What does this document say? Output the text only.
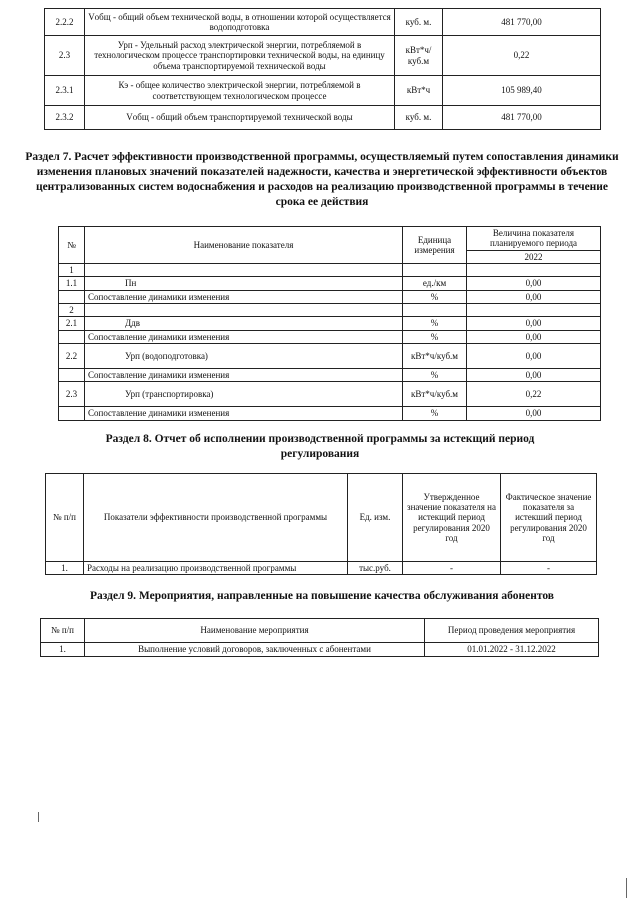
2.2.2	Vобщ - общий объем технической воды, в отношении которой осуществляется водоподготовка	куб. м.	481 770,00
2.3	Урп - Удельный расход электрической энергии, потребляемой в технологическом процессе транспортировки технической воды, на единицу объема транспортируемой технической воды	кВт*ч/куб.м	0,22
2.3.1	Кэ - общее количество электрической энергии, потребляемой в соответствующем технологическом процессе	кВт*ч	105 989,40
2.3.2	Vобщ - общий объем транспортируемой технической воды	куб. м.	481 770,00

Раздел 7. Расчет эффективности производственной программы, осуществляемый путем сопоставления динамики изменения плановых значений показателей надежности, качества и энергетической эффективности объектов централизованных систем водоснабжения и расходов на реализацию производственной программы в течение срока ее действия

№	Наименование показателя	Единица измерения	Величина показателя планируемого периода
			2022
1			
1.1	Пн	ед./км	0,00
	Сопоставление динамики изменения	%	0,00
2			
2.1	Ддв	%	0,00
	Сопоставление динамики изменения	%	0,00
2.2	Урп (водоподготовка)	кВт*ч/куб.м	0,00
	Сопоставление динамики изменения	%	0,00
2.3	Урп (транспортировка)	кВт*ч/куб.м	0,22
	Сопоставление динамики изменения	%	0,00

Раздел 8. Отчет об исполнении производственной программы за истекщий период регулирования

№ п/п	Показатели эффективности производственной программы	Ед. изм.	Утвержденное значение показателя на истекщий период регулирования 2020 год	Фактическое значение показателя за истекший период регулирования 2020 год
1.	Расходы на реализацию производственной программы	тыс.руб.	-	-

Раздел 9. Мероприятия, направленные на повышение качества обслуживания абонентов

№ п/п	Наименование мероприятия	Период проведения мероприятия
1.	Выполнение условий договоров, заключенных с абонентами	01.01.2022 - 31.12.2022
